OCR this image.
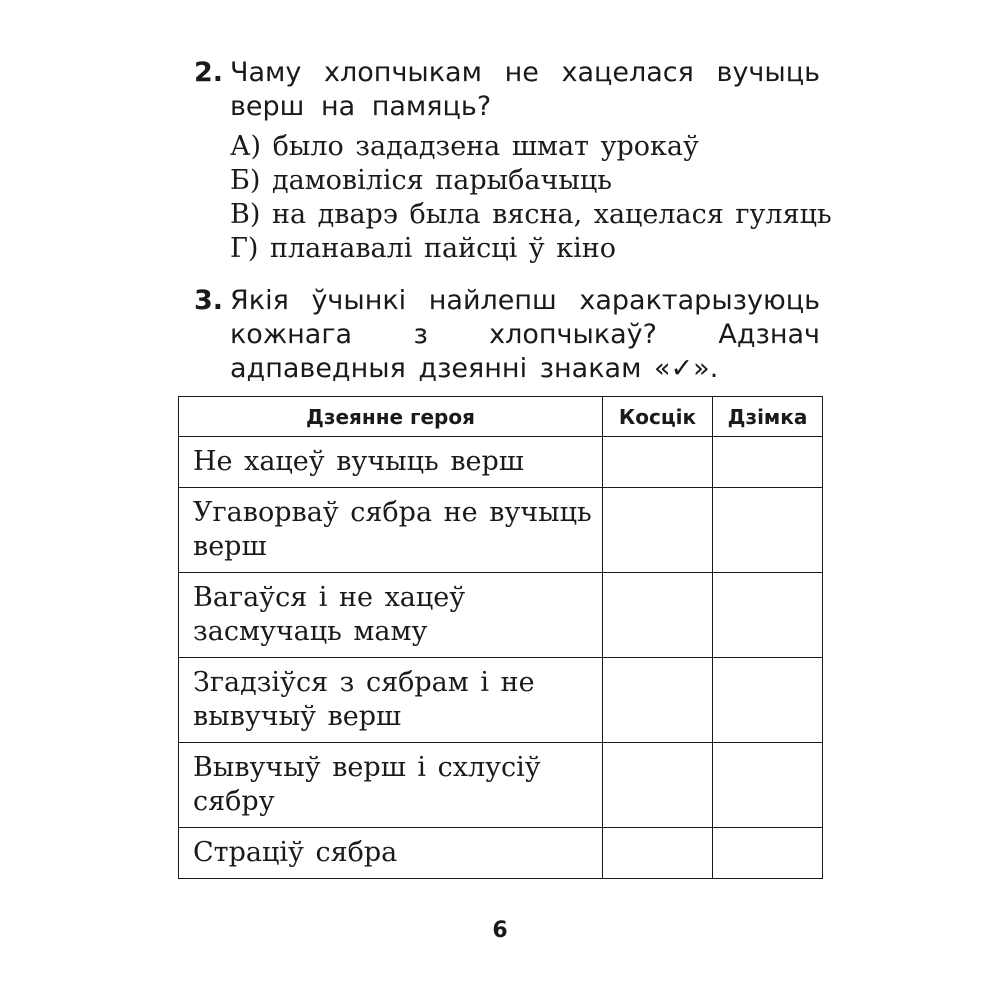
2. Чаму хлопчыкам не хацелася вучыць верш на памяць?
А) было зададзена шмат урокаў
Б) дамовіліся парыбачыць
В) на дварэ была вясна, хацелася гуляць
Г) планавалі пайсці ў кіно
3. Якія ўчынкі найлепш характарызуюць кожнага з хлопчыкаў? Адзнач адпаведныя дзеянні знакам «✓».
Дзеянне героя	Косцік	Дзімка
Не хацеў вучыць верш		
Угаворваў сябра не вучыць верш		
Вагаўся і не хацеў засмучаць маму		
Згадзіўся з сябрам і не вывучыў верш		
Вывучыў верш і схлусіў сябру		
Страціў сябра		
6
